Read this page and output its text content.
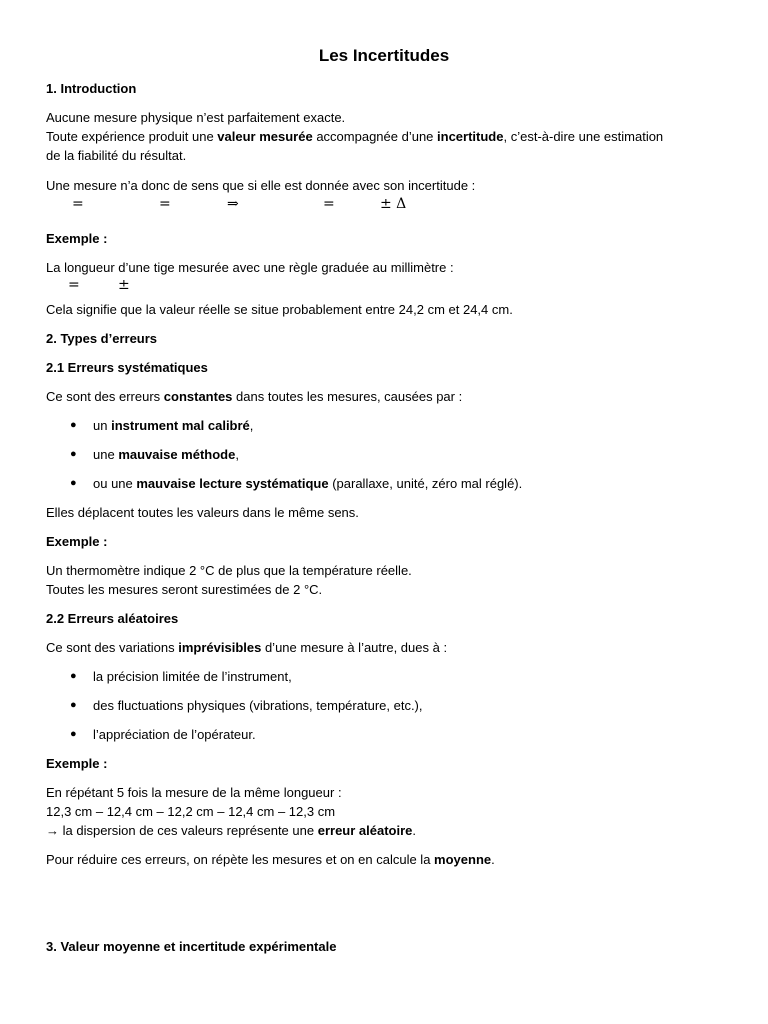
Les Incertitudes
1. Introduction
Aucune mesure physique n’est parfaitement exacte.
Toute expérience produit une valeur mesurée accompagnée d’une incertitude, c’est-à-dire une estimation
de la fiabilité du résultat.
Une mesure n’a donc de sens que si elle est donnée avec son incertitude :
=	=	⇒	=	± Δ
Exemple :
La longueur d’une tige mesurée avec une règle graduée au millimètre :
=	±
Cela signifie que la valeur réelle se situe probablement entre 24,2 cm et 24,4 cm.
2. Types d’erreurs
2.1 Erreurs systématiques
Ce sont des erreurs constantes dans toutes les mesures, causées par :
● un instrument mal calibré,
● une mauvaise méthode,
● ou une mauvaise lecture systématique (parallaxe, unité, zéro mal réglé).
Elles déplacent toutes les valeurs dans le même sens.
Exemple :
Un thermomètre indique 2 °C de plus que la température réelle.
Toutes les mesures seront surestimées de 2 °C.
2.2 Erreurs aléatoires
Ce sont des variations imprévisibles d’une mesure à l’autre, dues à :
● la précision limitée de l’instrument,
● des fluctuations physiques (vibrations, température, etc.),
● l’appréciation de l’opérateur.
Exemple :
En répétant 5 fois la mesure de la même longueur :
12,3 cm – 12,4 cm – 12,2 cm – 12,4 cm – 12,3 cm
→ la dispersion de ces valeurs représente une erreur aléatoire.
Pour réduire ces erreurs, on répète les mesures et on en calcule la moyenne.
3. Valeur moyenne et incertitude expérimentale
